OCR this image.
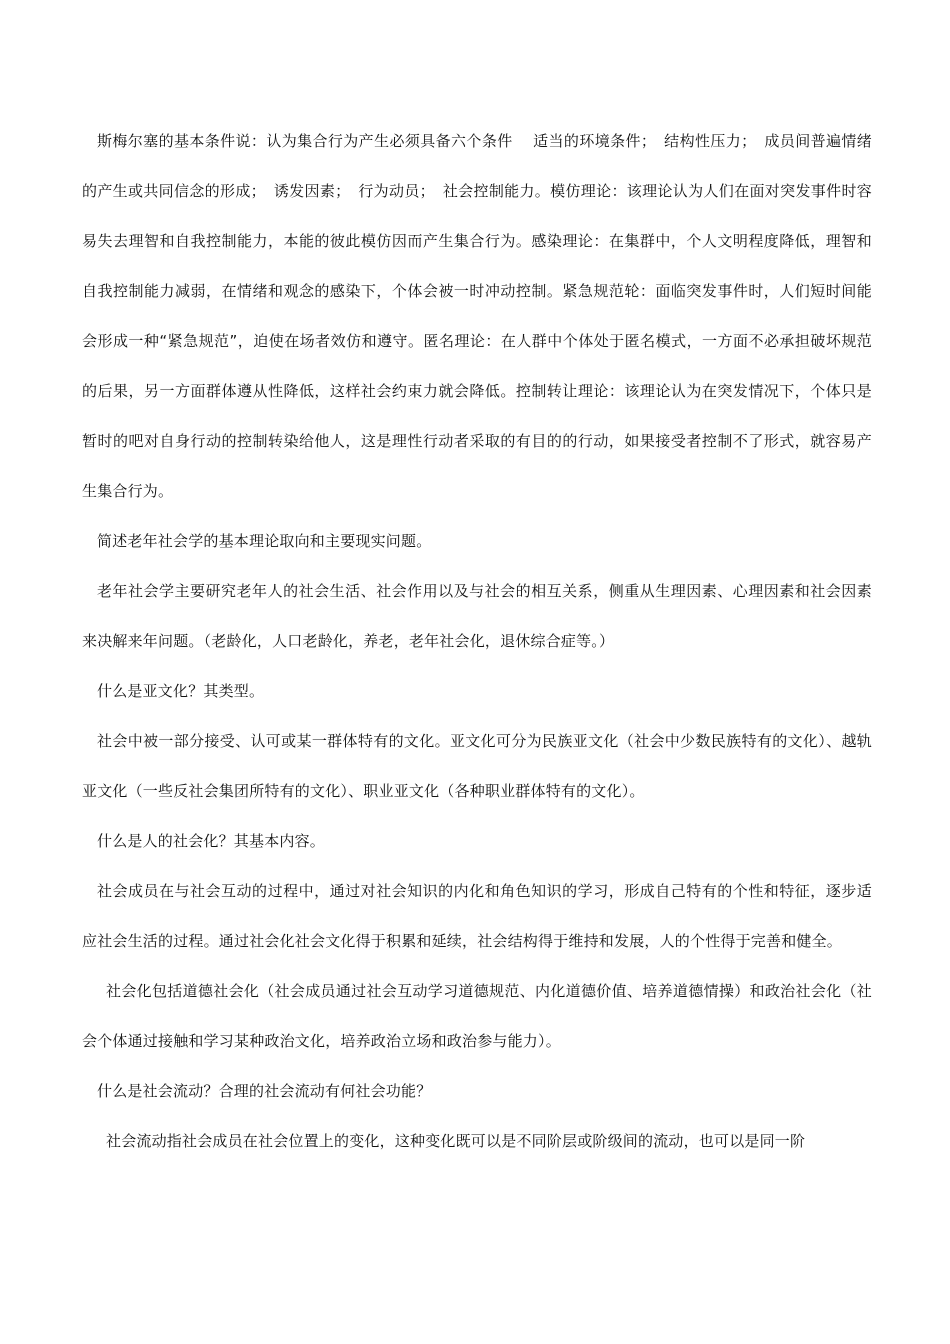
斯梅尔塞的基本条件说：认为集合行为产生必须具备六个条件　 适当的环境条件；　结构性压力；　成员间普遍情绪的产生或共同信念的形成；　诱发因素；　行为动员；　社会控制能力。模仿理论：该理论认为人们在面对突发事件时容易失去理智和自我控制能力，本能的彼此模仿因而产生集合行为。感染理论：在集群中，个人文明程度降低，理智和自我控制能力减弱，在情绪和观念的感染下，个体会被一时冲动控制。紧急规范轮：面临突发事件时，人们短时间能会形成一种“紧急规范”，迫使在场者效仿和遵守。匿名理论：在人群中个体处于匿名模式，一方面不必承担破坏规范的后果，另一方面群体遵从性降低，这样社会约束力就会降低。控制转让理论：该理论认为在突发情况下，个体只是暂时的吧对自身行动的控制转染给他人，这是理性行动者采取的有目的的行动，如果接受者控制不了形式，就容易产生集合行为。

简述老年社会学的基本理论取向和主要现实问题。

老年社会学主要研究老年人的社会生活、社会作用以及与社会的相互关系，侧重从生理因素、心理因素和社会因素来决解来年问题。（老龄化，人口老龄化，养老，老年社会化，退休综合症等。）

什么是亚文化？其类型。

社会中被一部分接受、认可或某一群体特有的文化。亚文化可分为民族亚文化（社会中少数民族特有的文化）、越轨亚文化（一些反社会集团所特有的文化）、职业亚文化（各种职业群体特有的文化）。

什么是人的社会化？其基本内容。

社会成员在与社会互动的过程中，通过对社会知识的内化和角色知识的学习，形成自己特有的个性和特征，逐步适应社会生活的过程。通过社会化社会文化得于积累和延续，社会结构得于维持和发展，人的个性得于完善和健全。

社会化包括道德社会化（社会成员通过社会互动学习道德规范、内化道德价值、培养道德情操）和政治社会化（社会个体通过接触和学习某种政治文化，培养政治立场和政治参与能力）。

什么是社会流动？合理的社会流动有何社会功能？

社会流动指社会成员在社会位置上的变化，这种变化既可以是不同阶层或阶级间的流动，也可以是同一阶
